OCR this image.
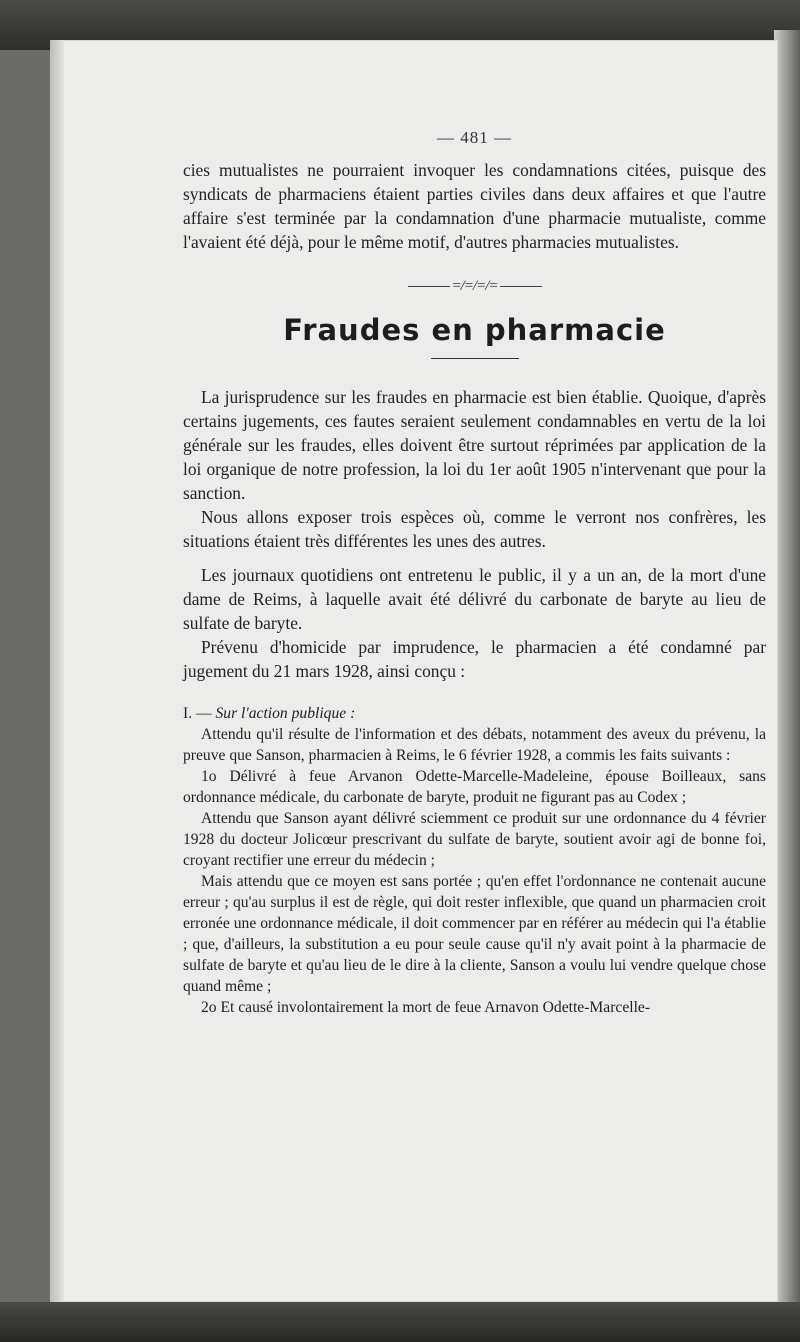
— 481 —

cies mutualistes ne pourraient invoquer les condamnations citées, puisque des syndicats de pharmaciens étaient parties civiles dans deux affaires et que l'autre affaire s'est terminée par la condamnation d'une pharmacie mutualiste, comme l'avaient été déjà, pour le même motif, d'autres pharmacies mutualistes.

=/=/=/=
Fraudes en pharmacie

La jurisprudence sur les fraudes en pharmacie est bien établie. Quoique, d'après certains jugements, ces fautes seraient seulement condamnables en vertu de la loi générale sur les fraudes, elles doivent être surtout réprimées par application de la loi organique de notre profession, la loi du 1er août 1905 n'intervenant que pour la sanction.

Nous allons exposer trois espèces où, comme le verront nos confrères, les situations étaient très différentes les unes des autres.

Les journaux quotidiens ont entretenu le public, il y a un an, de la mort d'une dame de Reims, à laquelle avait été délivré du carbonate de baryte au lieu de sulfate de baryte.

Prévenu d'homicide par imprudence, le pharmacien a été condamné par jugement du 21 mars 1928, ainsi conçu :

I. — Sur l'action publique :

Attendu qu'il résulte de l'information et des débats, notamment des aveux du prévenu, la preuve que Sanson, pharmacien à Reims, le 6 février 1928, a commis les faits suivants :

1o Délivré à feue Arvanon Odette-Marcelle-Madeleine, épouse Boilleaux, sans ordonnance médicale, du carbonate de baryte, produit ne figurant pas au Codex ;

Attendu que Sanson ayant délivré sciemment ce produit sur une ordonnance du 4 février 1928 du docteur Jolicœur prescrivant du sulfate de baryte, soutient avoir agi de bonne foi, croyant rectifier une erreur du médecin ;

Mais attendu que ce moyen est sans portée ; qu'en effet l'ordonnance ne contenait aucune erreur ; qu'au surplus il est de règle, qui doit rester inflexible, que quand un pharmacien croit erronée une ordonnance médicale, il doit commencer par en référer au médecin qui l'a établie ; que, d'ailleurs, la substitution a eu pour seule cause qu'il n'y avait point à la pharmacie de sulfate de baryte et qu'au lieu de le dire à la cliente, Sanson a voulu lui vendre quelque chose quand même ;

2o Et causé involontairement la mort de feue Arnavon Odette-Marcelle-
